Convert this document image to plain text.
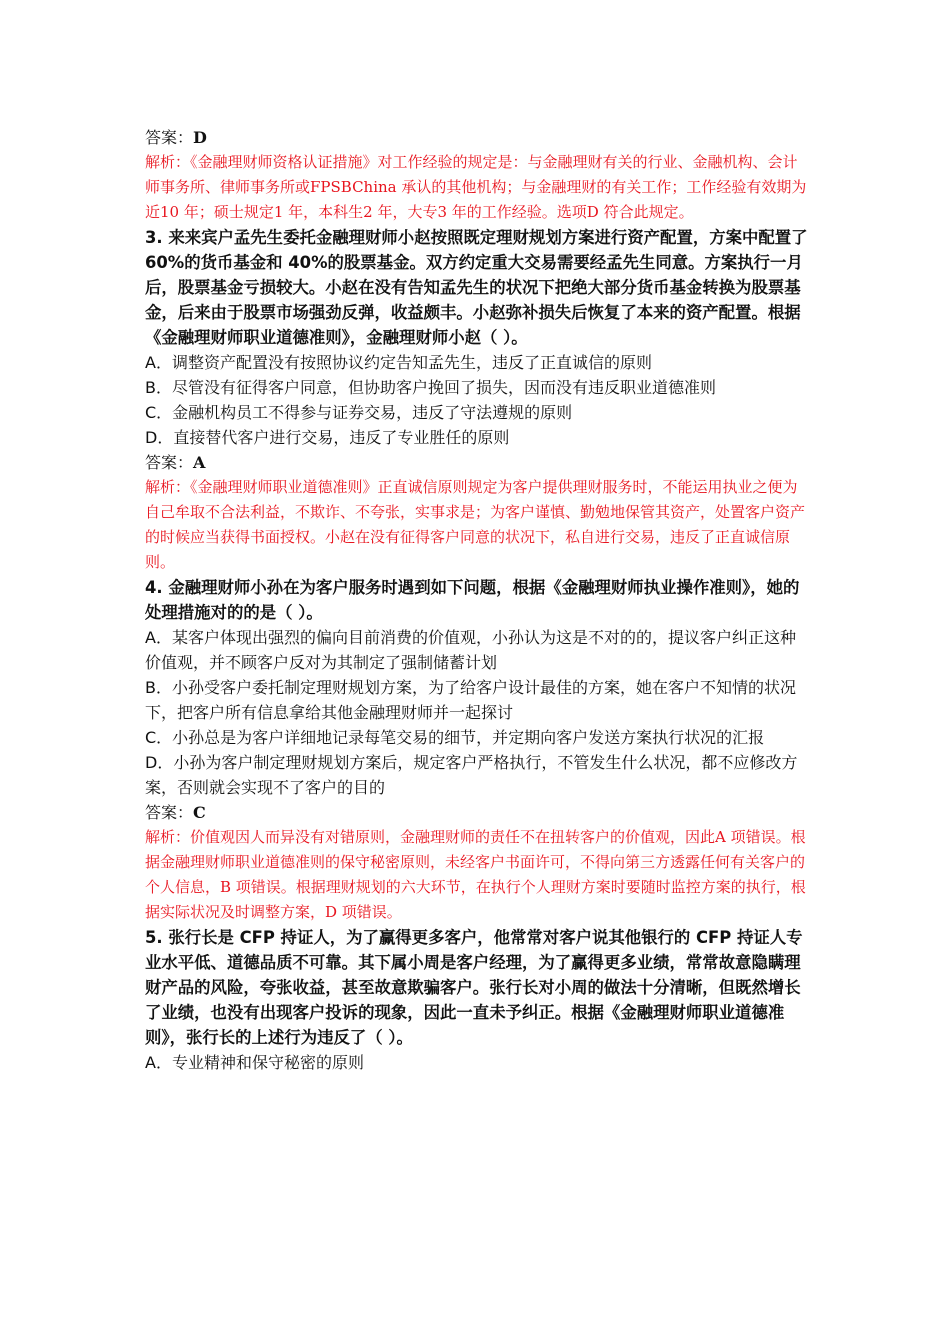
答案：D

解析：《金融理财师资格认证措施》对工作经验的规定是：与金融理财有关的行业、金融机构、会计师事务所、律师事务所或FPSBChina 承认的其他机构；与金融理财的有关工作；工作经验有效期为近10 年；硕士规定1 年，本科生2 年，大专3 年的工作经验。选项D 符合此规定。

3. 来来宾户孟先生委托金融理财师小赵按照既定理财规划方案进行资产配置，方案中配置了 60%的货币基金和 40%的股票基金。双方约定重大交易需要经孟先生同意。方案执行一月后，股票基金亏损较大。小赵在没有告知孟先生的状况下把绝大部分货币基金转换为股票基金，后来由于股票市场强劲反弹，收益颇丰。小赵弥补损失后恢复了本来的资产配置。根据《金融理财师职业道德准则》，金融理财师小赵（ ）。

A．调整资产配置没有按照协议约定告知孟先生，违反了正直诚信的原则

B．尽管没有征得客户同意，但协助客户挽回了损失，因而没有违反职业道德准则

C．金融机构员工不得参与证券交易，违反了守法遵规的原则

D．直接替代客户进行交易，违反了专业胜任的原则

答案：A

解析：《金融理财师职业道德准则》正直诚信原则规定为客户提供理财服务时，不能运用执业之便为自己牟取不合法利益，不欺诈、不夸张，实事求是；为客户谨慎、勤勉地保管其资产，处置客户资产的时候应当获得书面授权。小赵在没有征得客户同意的状况下，私自进行交易，违反了正直诚信原则。

4. 金融理财师小孙在为客户服务时遇到如下问题，根据《金融理财师执业操作准则》，她的处理措施对的的是（ ）。

A．某客户体现出强烈的偏向目前消费的价值观，小孙认为这是不对的的，提议客户纠正这种价值观，并不顾客户反对为其制定了强制储蓄计划

B．小孙受客户委托制定理财规划方案，为了给客户设计最佳的方案，她在客户不知情的状况下，把客户所有信息拿给其他金融理财师并一起探讨

C．小孙总是为客户详细地记录每笔交易的细节，并定期向客户发送方案执行状况的汇报

D．小孙为客户制定理财规划方案后，规定客户严格执行，不管发生什么状况，都不应修改方案，否则就会实现不了客户的目的

答案：C

解析：价值观因人而异没有对错原则，金融理财师的责任不在扭转客户的价值观，因此A 项错误。根据金融理财师职业道德准则的保守秘密原则，未经客户书面许可，不得向第三方透露任何有关客户的个人信息，B 项错误。根据理财规划的六大环节，在执行个人理财方案时要随时监控方案的执行，根据实际状况及时调整方案，D 项错误。

5. 张行长是 CFP 持证人，为了赢得更多客户，他常常对客户说其他银行的 CFP 持证人专业水平低、道德品质不可靠。其下属小周是客户经理，为了赢得更多业绩，常常故意隐瞒理财产品的风险，夸张收益，甚至故意欺骗客户。张行长对小周的做法十分清晰，但既然增长了业绩，也没有出现客户投诉的现象，因此一直未予纠正。根据《金融理财师职业道德准则》，张行长的上述行为违反了（ ）。

A．专业精神和保守秘密的原则
